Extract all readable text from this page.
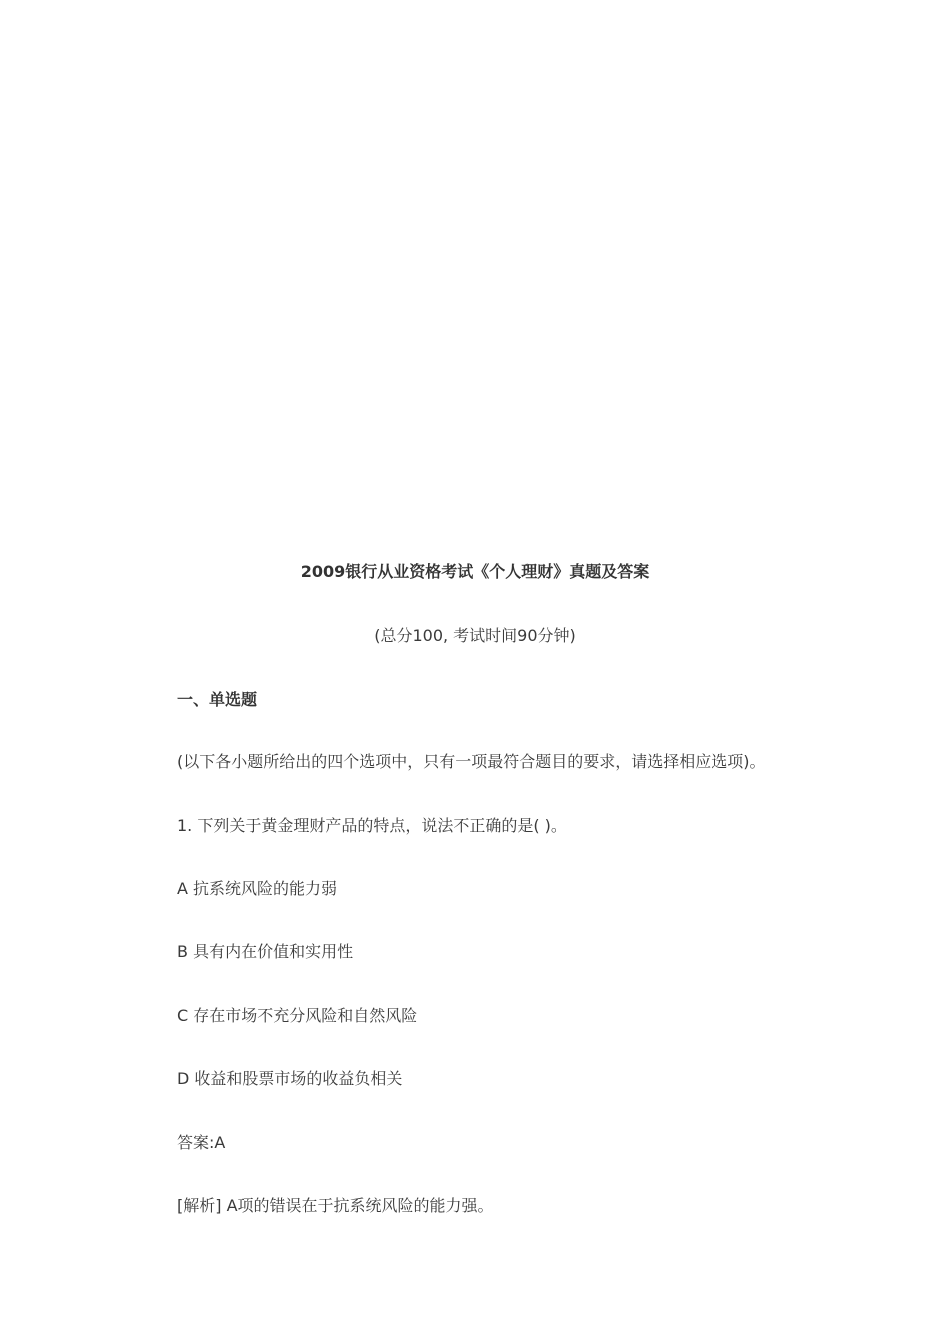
2009银行从业资格考试《个人理财》真题及答案
(总分100, 考试时间90分钟)
一、单选题
(以下各小题所给出的四个选项中，只有一项最符合题目的要求，请选择相应选项)。
1. 下列关于黄金理财产品的特点，说法不正确的是( )。
A 抗系统风险的能力弱
B 具有内在价值和实用性
C 存在市场不充分风险和自然风险
D 收益和股票市场的收益负相关
答案:A
[解析] A项的错误在于抗系统风险的能力强。
